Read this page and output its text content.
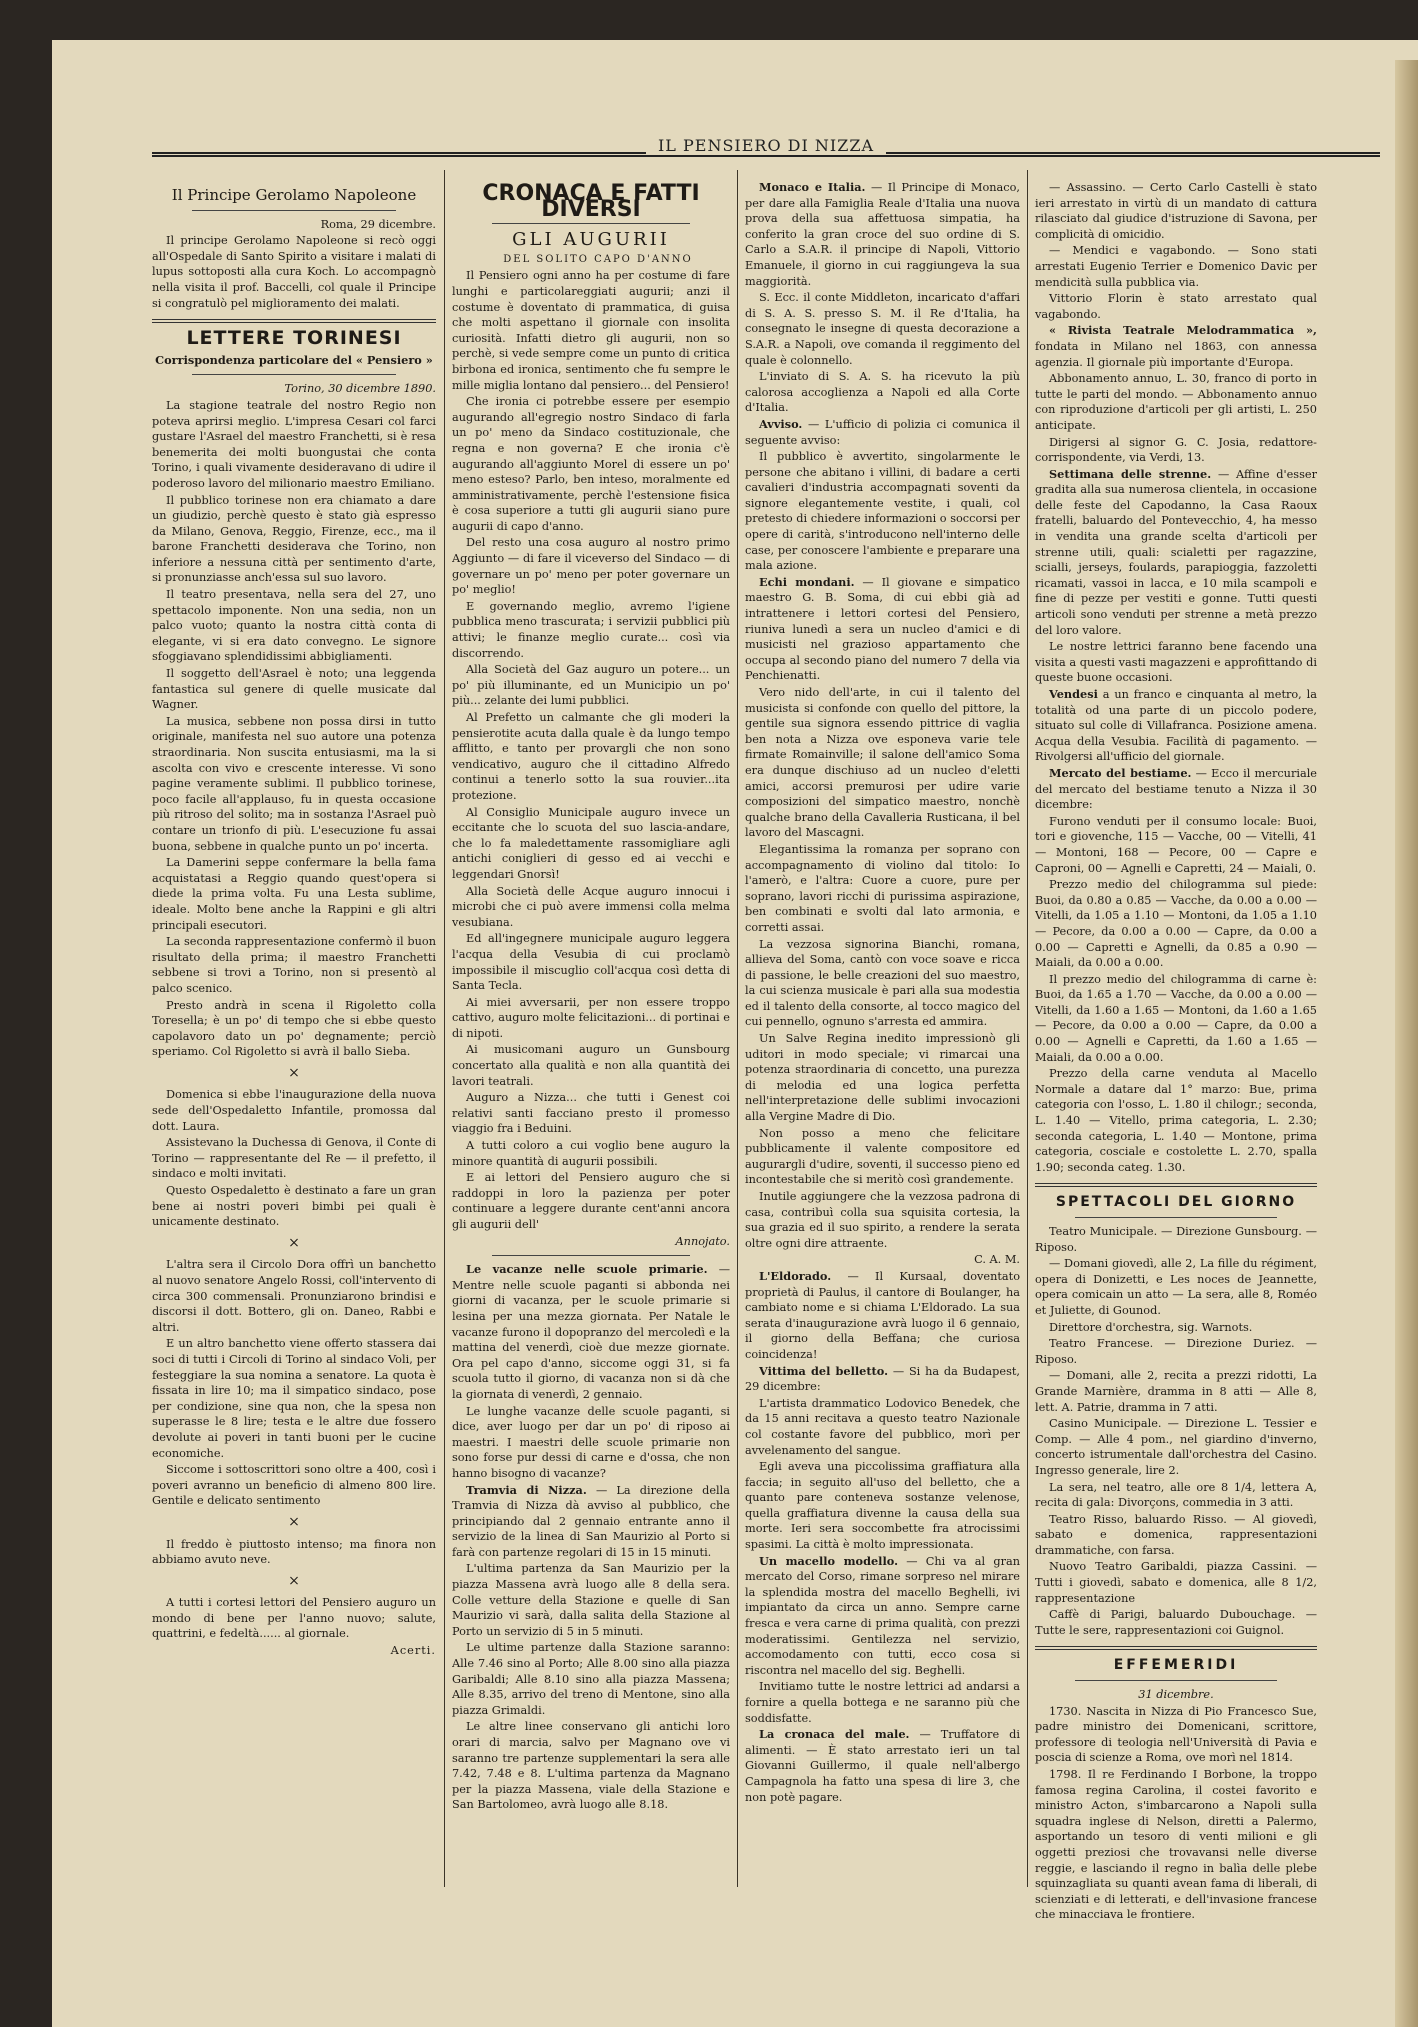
IL PENSIERO DI NIZZA
Il Principe Gerolamo Napoleone

Roma, 29 dicembre.

Il principe Gerolamo Napoleone si recò oggi all'Ospedale di Santo Spirito a visitare i malati di lupus sottoposti alla cura Koch. Lo accompagnò nella visita il prof. Baccelli, col quale il Principe si congratulò pel miglioramento dei malati.

LETTERE TORINESI

Corrispondenza particolare del « Pensiero »

Torino, 30 dicembre 1890.

La stagione teatrale del nostro Regio non poteva aprirsi meglio. L'impresa Cesari col farci gustare l'Asrael del maestro Franchetti, si è resa benemerita dei molti buongustai che conta Torino, i quali vivamente desideravano di udire il poderoso lavoro del milionario maestro Emiliano.

Il pubblico torinese non era chiamato a dare un giudizio, perchè questo è stato già espresso da Milano, Genova, Reggio, Firenze, ecc., ma il barone Franchetti desiderava che Torino, non inferiore a nessuna città per sentimento d'arte, si pronunziasse anch'essa sul suo lavoro.

Il teatro presentava, nella sera del 27, uno spettacolo imponente. Non una sedia, non un palco vuoto; quanto la nostra città conta di elegante, vi si era dato convegno. Le signore sfoggiavano splendidissimi abbigliamenti.

Il soggetto dell'Asrael è noto; una leggenda fantastica sul genere di quelle musicate dal Wagner.

La musica, sebbene non possa dirsi in tutto originale, manifesta nel suo autore una potenza straordinaria. Non suscita entusiasmi, ma la si ascolta con vivo e crescente interesse. Vi sono pagine veramente sublimi. Il pubblico torinese, poco facile all'applauso, fu in questa occasione più ritroso del solito; ma in sostanza l'Asrael può contare un trionfo di più. L'esecuzione fu assai buona, sebbene in qualche punto un po' incerta.

La Damerini seppe confermare la bella fama acquistatasi a Reggio quando quest'opera si diede la prima volta. Fu una Lesta sublime, ideale. Molto bene anche la Rappini e gli altri principali esecutori.

La seconda rappresentazione confermò il buon risultato della prima; il maestro Franchetti sebbene si trovi a Torino, non si presentò al palco scenico.

Presto andrà in scena il Rigoletto colla Toresella; è un po' di tempo che si ebbe questo capolavoro dato un po' degnamente; perciò speriamo. Col Rigoletto si avrà il ballo Sieba.

×

Domenica si ebbe l'inaugurazione della nuova sede dell'Ospedaletto Infantile, promossa dal dott. Laura.

Assistevano la Duchessa di Genova, il Conte di Torino — rappresentante del Re — il prefetto, il sindaco e molti invitati.

Questo Ospedaletto è destinato a fare un gran bene ai nostri poveri bimbi pei quali è unicamente destinato.

×

L'altra sera il Circolo Dora offrì un banchetto al nuovo senatore Angelo Rossi, coll'intervento di circa 300 commensali. Pronunziarono brindisi e discorsi il dott. Bottero, gli on. Daneo, Rabbi e altri.

E un altro banchetto viene offerto stassera dai soci di tutti i Circoli di Torino al sindaco Voli, per festeggiare la sua nomina a senatore. La quota è fissata in lire 10; ma il simpatico sindaco, pose per condizione, sine qua non, che la spesa non superasse le 8 lire; testa e le altre due fossero devolute ai poveri in tanti buoni per le cucine economiche.

Siccome i sottoscrittori sono oltre a 400, così i poveri avranno un beneficio di almeno 800 lire. Gentile e delicato sentimento

×

Il freddo è piuttosto intenso; ma finora non abbiamo avuto neve.

×

A tutti i cortesi lettori del Pensiero auguro un mondo di bene per l'anno nuovo; salute, quattrini, e fedeltà...... al giornale.

Acerti.

CRONACA E FATTI DIVERSI
GLI AUGURII

DEL SOLITO CAPO D'ANNO

Il Pensiero ogni anno ha per costume di fare lunghi e particolareggiati augurii; anzi il costume è doventato di prammatica, di guisa che molti aspettano il giornale con insolita curiosità. Infatti dietro gli augurii, non so perchè, si vede sempre come un punto di critica birbona ed ironica, sentimento che fu sempre le mille miglia lontano dal pensiero... del Pensiero!

Che ironia ci potrebbe essere per esempio augurando all'egregio nostro Sindaco di farla un po' meno da Sindaco costituzionale, che regna e non governa? E che ironia c'è augurando all'aggiunto Morel di essere un po' meno esteso? Parlo, ben inteso, moralmente ed amministrativamente, perchè l'estensione fisica è cosa superiore a tutti gli augurii siano pure augurii di capo d'anno.

Del resto una cosa auguro al nostro primo Aggiunto — di fare il viceverso del Sindaco — di governare un po' meno per poter governare un po' meglio!

E governando meglio, avremo l'igiene pubblica meno trascurata; i servizii pubblici più attivi; le finanze meglio curate... così via discorrendo.

Alla Società del Gaz auguro un potere... un po' più illuminante, ed un Municipio un po' più... zelante dei lumi pubblici.

Al Prefetto un calmante che gli moderi la pensierotite acuta dalla quale è da lungo tempo afflitto, e tanto per provargli che non sono vendicativo, auguro che il cittadino Alfredo continui a tenerlo sotto la sua rouvier...ita protezione.

Al Consiglio Municipale auguro invece un eccitante che lo scuota del suo lascia-andare, che lo fa maledettamente rassomigliare agli antichi coniglieri di gesso ed ai vecchi e leggendari Gnorsì!

Alla Società delle Acque auguro innocui i microbi che ci può avere immensi colla melma vesubiana.

Ed all'ingegnere municipale auguro leggera l'acqua della Vesubia di cui proclamò impossibile il miscuglio coll'acqua così detta di Santa Tecla.

Ai miei avversarii, per non essere troppo cattivo, auguro molte felicitazioni... di portinai e di nipoti.

Ai musicomani auguro un Gunsbourg concertato alla qualità e non alla quantità dei lavori teatrali.

Auguro a Nizza... che tutti i Genest coi relativi santi facciano presto il promesso viaggio fra i Beduini.

A tutti coloro a cui voglio bene auguro la minore quantità di augurii possibili.

E ai lettori del Pensiero auguro che si raddoppi in loro la pazienza per poter continuare a leggere durante cent'anni ancora gli augurii dell'

Annojato.

Le vacanze nelle scuole primarie. — Mentre nelle scuole paganti si abbonda nei giorni di vacanza, per le scuole primarie si lesina per una mezza giornata. Per Natale le vacanze furono il dopopranzo del mercoledì e la mattina del venerdì, cioè due mezze giornate. Ora pel capo d'anno, siccome oggi 31, si fa scuola tutto il giorno, di vacanza non si dà che la giornata di venerdì, 2 gennaio.

Le lunghe vacanze delle scuole paganti, si dice, aver luogo per dar un po' di riposo ai maestri. I maestri delle scuole primarie non sono forse pur dessi di carne e d'ossa, che non hanno bisogno di vacanze?

Tramvia di Nizza. — La direzione della Tramvia di Nizza dà avviso al pubblico, che principiando dal 2 gennaio entrante anno il servizio de la linea di San Maurizio al Porto si farà con partenze regolari di 15 in 15 minuti.

L'ultima partenza da San Maurizio per la piazza Massena avrà luogo alle 8 della sera. Colle vetture della Stazione e quelle di San Maurizio vi sarà, dalla salita della Stazione al Porto un servizio di 5 in 5 minuti.

Le ultime partenze dalla Stazione saranno: Alle 7.46 sino al Porto; Alle 8.00 sino alla piazza Garibaldi; Alle 8.10 sino alla piazza Massena; Alle 8.35, arrivo del treno di Mentone, sino alla piazza Grimaldi.

Le altre linee conservano gli antichi loro orari di marcia, salvo per Magnano ove vi saranno tre partenze supplementari la sera alle 7.42, 7.48 e 8. L'ultima partenza da Magnano per la piazza Massena, viale della Stazione e San Bartolomeo, avrà luogo alle 8.18.

Monaco e Italia. — Il Principe di Monaco, per dare alla Famiglia Reale d'Italia una nuova prova della sua affettuosa simpatia, ha conferito la gran croce del suo ordine di S. Carlo a S.A.R. il principe di Napoli, Vittorio Emanuele, il giorno in cui raggiungeva la sua maggiorità.

S. Ecc. il conte Middleton, incaricato d'affari di S. A. S. presso S. M. il Re d'Italia, ha consegnato le insegne di questa decorazione a S.A.R. a Napoli, ove comanda il reggimento del quale è colonnello.

L'inviato di S. A. S. ha ricevuto la più calorosa accoglienza a Napoli ed alla Corte d'Italia.

Avviso. — L'ufficio di polizia ci comunica il seguente avviso:

Il pubblico è avvertito, singolarmente le persone che abitano i villini, di badare a certi cavalieri d'industria accompagnati soventi da signore elegantemente vestite, i quali, col pretesto di chiedere informazioni o soccorsi per opere di carità, s'introducono nell'interno delle case, per conoscere l'ambiente e preparare una mala azione.

Echi mondani. — Il giovane e simpatico maestro G. B. Soma, di cui ebbi già ad intrattenere i lettori cortesi del Pensiero, riuniva lunedì a sera un nucleo d'amici e di musicisti nel grazioso appartamento che occupa al secondo piano del numero 7 della via Penchienatti.

Vero nido dell'arte, in cui il talento del musicista si confonde con quello del pittore, la gentile sua signora essendo pittrice di vaglia ben nota a Nizza ove esponeva varie tele firmate Romainville; il salone dell'amico Soma era dunque dischiuso ad un nucleo d'eletti amici, accorsi premurosi per udire varie composizioni del simpatico maestro, nonchè qualche brano della Cavalleria Rusticana, il bel lavoro del Mascagni.

Elegantissima la romanza per soprano con accompagnamento di violino dal titolo: Io l'amerò, e l'altra: Cuore a cuore, pure per soprano, lavori ricchi di purissima aspirazione, ben combinati e svolti dal lato armonia, e corretti assai.

La vezzosa signorina Bianchi, romana, allieva del Soma, cantò con voce soave e ricca di passione, le belle creazioni del suo maestro, la cui scienza musicale è pari alla sua modestia ed il talento della consorte, al tocco magico del cui pennello, ognuno s'arresta ed ammira.

Un Salve Regina inedito impressionò gli uditori in modo speciale; vi rimarcai una potenza straordinaria di concetto, una purezza di melodia ed una logica perfetta nell'interpretazione delle sublimi invocazioni alla Vergine Madre di Dio.

Non posso a meno che felicitare pubblicamente il valente compositore ed augurargli d'udire, soventi, il successo pieno ed incontestabile che si meritò così grandemente.

Inutile aggiungere che la vezzosa padrona di casa, contribuì colla sua squisita cortesia, la sua grazia ed il suo spirito, a rendere la serata oltre ogni dire attraente.

C. A. M.

L'Eldorado. — Il Kursaal, doventato proprietà di Paulus, il cantore di Boulanger, ha cambiato nome e si chiama L'Eldorado. La sua serata d'inaugurazione avrà luogo il 6 gennaio, il giorno della Beffana; che curiosa coincidenza!

Vittima del belletto. — Si ha da Budapest, 29 dicembre:

L'artista drammatico Lodovico Benedek, che da 15 anni recitava a questo teatro Nazionale col costante favore del pubblico, morì per avvelenamento del sangue.

Egli aveva una piccolissima graffiatura alla faccia; in seguito all'uso del belletto, che a quanto pare conteneva sostanze velenose, quella graffiatura divenne la causa della sua morte. Ieri sera soccombette fra atrocissimi spasimi. La città è molto impressionata.

Un macello modello. — Chi va al gran mercato del Corso, rimane sorpreso nel mirare la splendida mostra del macello Beghelli, ivi impiantato da circa un anno. Sempre carne fresca e vera carne di prima qualità, con prezzi moderatissimi. Gentilezza nel servizio, accomodamento con tutti, ecco cosa si riscontra nel macello del sig. Beghelli.

Invitiamo tutte le nostre lettrici ad andarsi a fornire a quella bottega e ne saranno più che soddisfatte.

La cronaca del male. — Truffatore di alimenti. — È stato arrestato ieri un tal Giovanni Guillermo, il quale nell'albergo Campagnola ha fatto una spesa di lire 3, che non potè pagare.

— Assassino. — Certo Carlo Castelli è stato ieri arrestato in virtù di un mandato di cattura rilasciato dal giudice d'istruzione di Savona, per complicità di omicidio.

— Mendici e vagabondo. — Sono stati arrestati Eugenio Terrier e Domenico Davic per mendicità sulla pubblica via.

Vittorio Florin è stato arrestato qual vagabondo.

« Rivista Teatrale Melodrammatica », fondata in Milano nel 1863, con annessa agenzia. Il giornale più importante d'Europa.

Abbonamento annuo, L. 30, franco di porto in tutte le parti del mondo. — Abbonamento annuo con riproduzione d'articoli per gli artisti, L. 250 anticipate.

Dirigersi al signor G. C. Josia, redattore-corrispondente, via Verdi, 13.

Settimana delle strenne. — Affine d'esser gradita alla sua numerosa clientela, in occasione delle feste del Capodanno, la Casa Raoux fratelli, baluardo del Pontevecchio, 4, ha messo in vendita una grande scelta d'articoli per strenne utili, quali: scialetti per ragazzine, scialli, jerseys, foulards, parapioggia, fazzoletti ricamati, vassoi in lacca, e 10 mila scampoli e fine di pezze per vestiti e gonne. Tutti questi articoli sono venduti per strenne a metà prezzo del loro valore.

Le nostre lettrici faranno bene facendo una visita a questi vasti magazzeni e approfittando di queste buone occasioni.

Vendesi a un franco e cinquanta al metro, la totalità od una parte di un piccolo podere, situato sul colle di Villafranca. Posizione amena. Acqua della Vesubia. Facilità di pagamento. — Rivolgersi all'ufficio del giornale.

Mercato del bestiame. — Ecco il mercuriale del mercato del bestiame tenuto a Nizza il 30 dicembre:

Furono venduti per il consumo locale: Buoi, tori e giovenche, 115 — Vacche, 00 — Vitelli, 41 — Montoni, 168 — Pecore, 00 — Capre e Caproni, 00 — Agnelli e Capretti, 24 — Maiali, 0.

Prezzo medio del chilogramma sul piede: Buoi, da 0.80 a 0.85 — Vacche, da 0.00 a 0.00 — Vitelli, da 1.05 a 1.10 — Montoni, da 1.05 a 1.10 — Pecore, da 0.00 a 0.00 — Capre, da 0.00 a 0.00 — Capretti e Agnelli, da 0.85 a 0.90 — Maiali, da 0.00 a 0.00.

Il prezzo medio del chilogramma di carne è: Buoi, da 1.65 a 1.70 — Vacche, da 0.00 a 0.00 — Vitelli, da 1.60 a 1.65 — Montoni, da 1.60 a 1.65 — Pecore, da 0.00 a 0.00 — Capre, da 0.00 a 0.00 — Agnelli e Capretti, da 1.60 a 1.65 — Maiali, da 0.00 a 0.00.

Prezzo della carne venduta al Macello Normale a datare dal 1° marzo: Bue, prima categoria con l'osso, L. 1.80 il chilogr.; seconda, L. 1.40 — Vitello, prima categoria, L. 2.30; seconda categoria, L. 1.40 — Montone, prima categoria, cosciale e costolette L. 2.70, spalla 1.90; seconda categ. 1.30.

SPETTACOLI DEL GIORNO

Teatro Municipale. — Direzione Gunsbourg. — Riposo.

— Domani giovedì, alle 2, La fille du régiment, opera di Donizetti, e Les noces de Jeannette, opera comicain un atto — La sera, alle 8, Roméo et Juliette, di Gounod.

Direttore d'orchestra, sig. Warnots.

Teatro Francese. — Direzione Duriez. — Riposo.

— Domani, alle 2, recita a prezzi ridotti, La Grande Marnière, dramma in 8 atti — Alle 8, lett. A. Patrie, dramma in 7 atti.

Casino Municipale. — Direzione L. Tessier e Comp. — Alle 4 pom., nel giardino d'inverno, concerto istrumentale dall'orchestra del Casino. Ingresso generale, lire 2.

La sera, nel teatro, alle ore 8 1/4, lettera A, recita di gala: Divorçons, commedia in 3 atti.

Teatro Risso, baluardo Risso. — Al giovedì, sabato e domenica, rappresentazioni drammatiche, con farsa.

Nuovo Teatro Garibaldi, piazza Cassini. — Tutti i giovedì, sabato e domenica, alle 8 1/2, rappresentazione

Caffè di Parigi, baluardo Dubouchage. — Tutte le sere, rappresentazioni coi Guignol.

EFFEMERIDI

31 dicembre.

1730. Nascita in Nizza di Pio Francesco Sue, padre ministro dei Domenicani, scrittore, professore di teologia nell'Università di Pavia e poscia di scienze a Roma, ove morì nel 1814.

1798. Il re Ferdinando I Borbone, la troppo famosa regina Carolina, il costei favorito e ministro Acton, s'imbarcarono a Napoli sulla squadra inglese di Nelson, diretti a Palermo, asportando un tesoro di venti milioni e gli oggetti preziosi che trovavansi nelle diverse reggie, e lasciando il regno in balìa delle plebe squinzagliata su quanti avean fama di liberali, di scienziati e di letterati, e dell'invasione francese che minacciava le frontiere.
